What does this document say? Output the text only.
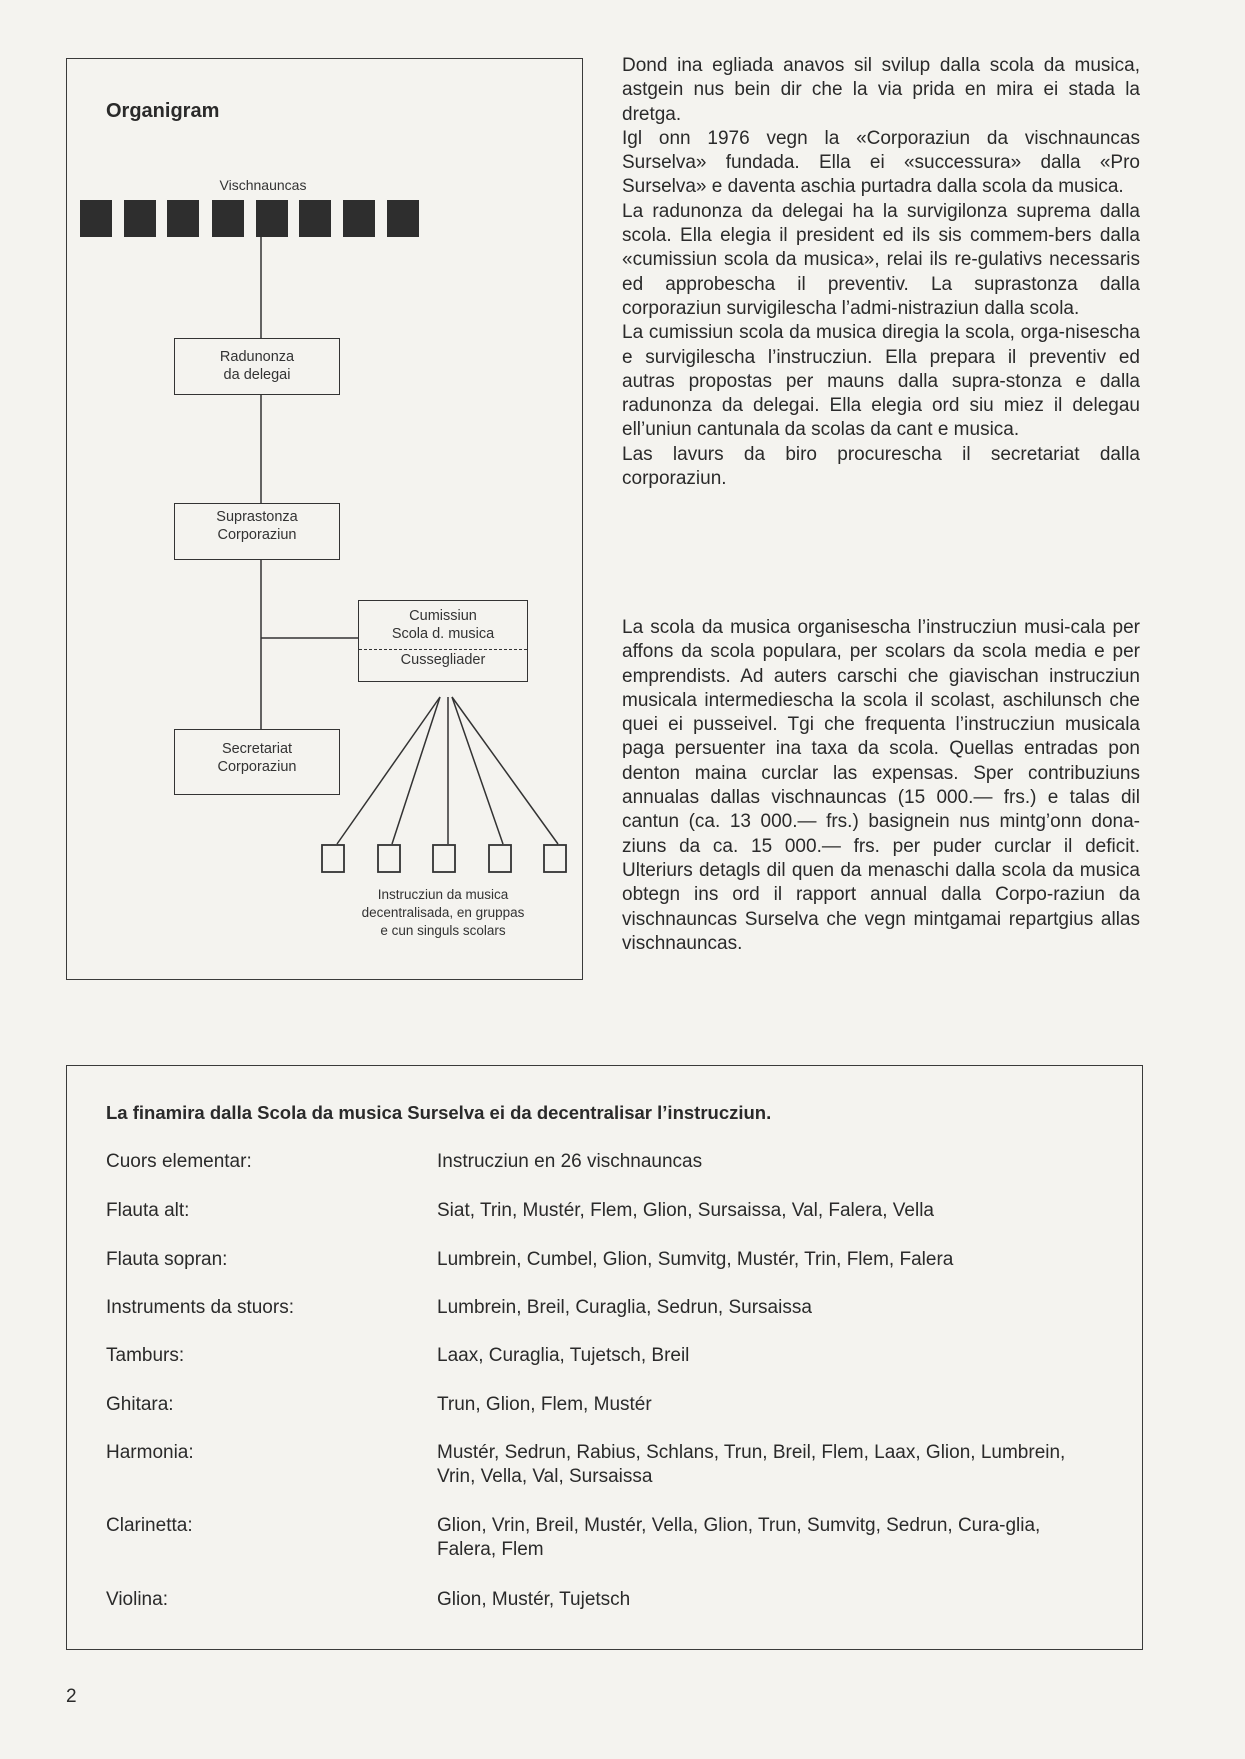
Organigram
Vischnauncas
Radunonza
da delegai
Suprastonza
Corporaziun
Cumissiun
Scola d. musica
Cussegliader
Secretariat
Corporaziun
Instrucziun da musica
decentralisada, en gruppas
e cun singuls scolars

Dond ina egliada anavos sil svilup dalla scola da musica, astgein nus bein dir che la via prida en mira ei stada la dretga.

Igl onn 1976 vegn la «Corporaziun da vischnauncas Surselva» fundada. Ella ei «successura» dalla «Pro Surselva» e daventa aschia purtadra dalla scola da musica.

La radunonza da delegai ha la survigilonza suprema dalla scola. Ella elegia il president ed ils sis commem-bers dalla «cumissiun scola da musica», relai ils re-gulativs necessaris ed approbescha il preventiv. La suprastonza dalla corporaziun survigilescha l’admi-nistraziun dalla scola.

La cumissiun scola da musica diregia la scola, orga-nisescha e survigilescha l’instrucziun. Ella prepara il preventiv ed autras propostas per mauns dalla supra-stonza e dalla radunonza da delegai. Ella elegia ord siu miez il delegau ell’uniun cantunala da scolas da cant e musica.

Las lavurs da biro procurescha il secretariat dalla corporaziun.

La scola da musica organisescha l’instrucziun musi-cala per affons da scola populara, per scolars da scola media e per emprendists. Ad auters carschi che giavischan instrucziun musicala intermediescha la scola il scolast, aschilunsch che quei ei pusseivel. Tgi che frequenta l’instrucziun musicala paga persuenter ina taxa da scola. Quellas entradas pon denton maina curclar las expensas. Sper contribuziuns annualas dallas vischnauncas (15 000.— frs.) e talas dil cantun (ca. 13 000.— frs.) basignein nus mintg’onn dona-ziuns da ca. 15 000.— frs. per puder curclar il deficit. Ulteriurs detagls dil quen da menaschi dalla scola da musica obtegn ins ord il rapport annual dalla Corpo-raziun da vischnauncas Surselva che vegn mintgamai repartgius allas vischnauncas.

La finamira dalla Scola da musica Surselva ei da decentralisar l’instrucziun.
Cuors elementar:	Instrucziun en 26 vischnauncas
Flauta alt:	Siat, Trin, Mustér, Flem, Glion, Sursaissa, Val, Falera, Vella
Flauta sopran:	Lumbrein, Cumbel, Glion, Sumvitg, Mustér, Trin, Flem, Falera
Instruments da stuors:	Lumbrein, Breil, Curaglia, Sedrun, Sursaissa
Tamburs:	Laax, Curaglia, Tujetsch, Breil
Ghitara:	Trun, Glion, Flem, Mustér
Harmonia:	Mustér, Sedrun, Rabius, Schlans, Trun, Breil, Flem, Laax, Glion, Lumbrein, Vrin, Vella, Val, Sursaissa
Clarinetta:	Glion, Vrin, Breil, Mustér, Vella, Glion, Trun, Sumvitg, Sedrun, Cura-glia, Falera, Flem
Violina:	Glion, Mustér, Tujetsch
2
